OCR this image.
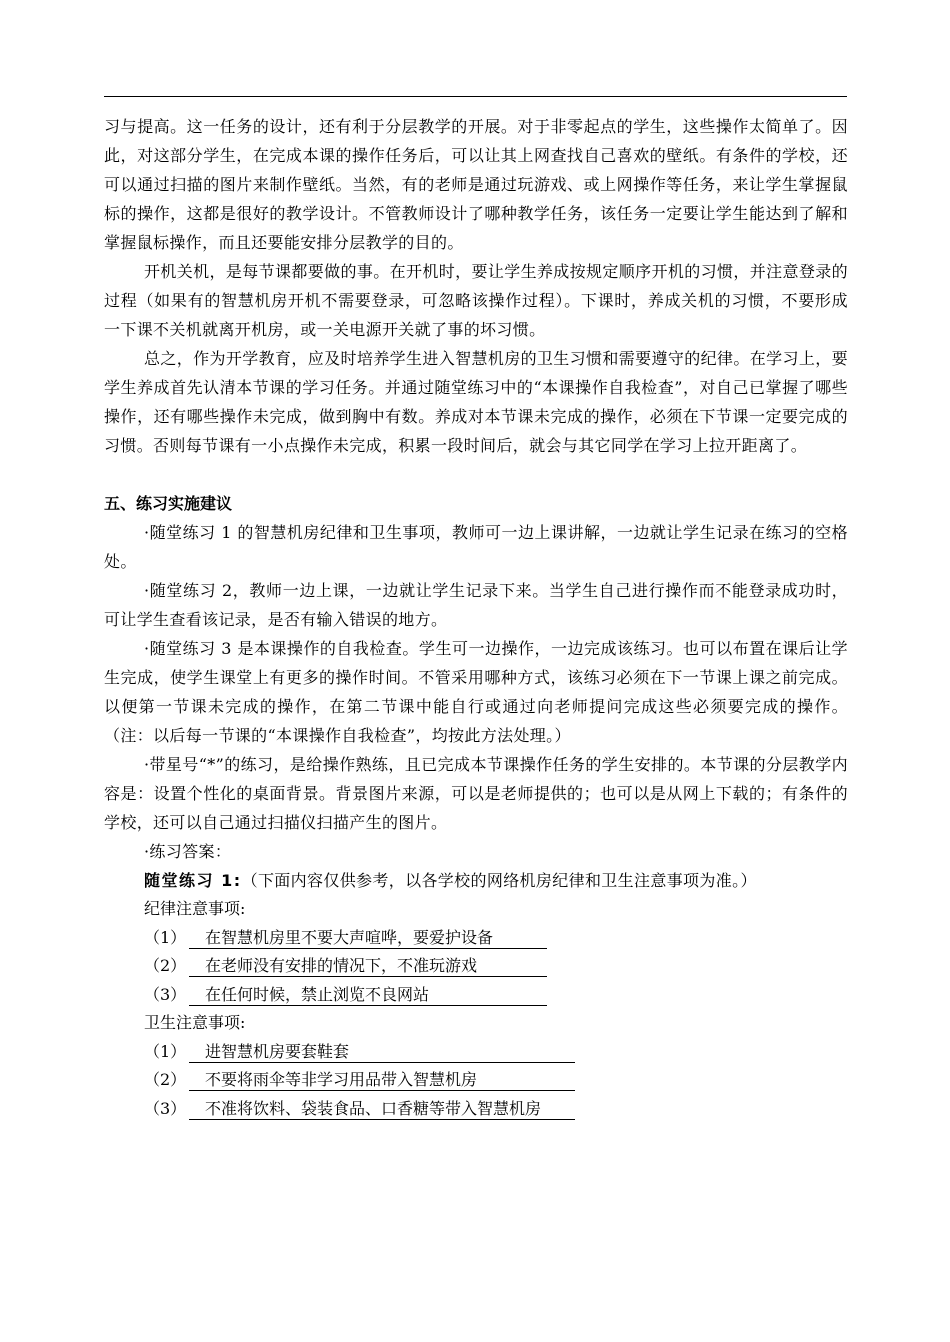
习与提高。这一任务的设计，还有利于分层教学的开展。对于非零起点的学生，这些操作太简单了。因此，对这部分学生，在完成本课的操作任务后，可以让其上网查找自己喜欢的壁纸。有条件的学校，还可以通过扫描的图片来制作壁纸。当然，有的老师是通过玩游戏、或上网操作等任务，来让学生掌握鼠标的操作，这都是很好的教学设计。不管教师设计了哪种教学任务，该任务一定要让学生能达到了解和掌握鼠标操作，而且还要能安排分层教学的目的。

开机关机，是每节课都要做的事。在开机时，要让学生养成按规定顺序开机的习惯，并注意登录的过程（如果有的智慧机房开机不需要登录，可忽略该操作过程）。下课时，养成关机的习惯，不要形成一下课不关机就离开机房，或一关电源开关就了事的坏习惯。

总之，作为开学教育，应及时培养学生进入智慧机房的卫生习惯和需要遵守的纪律。在学习上，要学生养成首先认清本节课的学习任务。并通过随堂练习中的“本课操作自我检查”，对自己已掌握了哪些操作，还有哪些操作未完成，做到胸中有数。养成对本节课未完成的操作，必须在下节课一定要完成的习惯。否则每节课有一小点操作未完成，积累一段时间后，就会与其它同学在学习上拉开距离了。

五、练习实施建议

·随堂练习 1 的智慧机房纪律和卫生事项，教师可一边上课讲解，一边就让学生记录在练习的空格处。

·随堂练习 2，教师一边上课，一边就让学生记录下来。当学生自己进行操作而不能登录成功时，可让学生查看该记录，是否有输入错误的地方。

·随堂练习 3 是本课操作的自我检查。学生可一边操作，一边完成该练习。也可以布置在课后让学生完成，使学生课堂上有更多的操作时间。不管采用哪种方式，该练习必须在下一节课上课之前完成。以便第一节课未完成的操作，在第二节课中能自行或通过向老师提问完成这些必须要完成的操作。（注：以后每一节课的“本课操作自我检查”，均按此方法处理。）

·带星号“*”的练习，是给操作熟练，且已完成本节课操作任务的学生安排的。本节课的分层教学内容是：设置个性化的桌面背景。背景图片来源，可以是老师提供的；也可以是从网上下载的；有条件的学校，还可以自己通过扫描仪扫描产生的图片。

·练习答案：

随堂练习 1:（下面内容仅供参考，以各学校的网络机房纪律和卫生注意事项为准。）

纪律注意事项:

（1） 在智慧机房里不要大声喧哗，要爱护设备

（2） 在老师没有安排的情况下，不准玩游戏

（3） 在任何时候，禁止浏览不良网站

卫生注意事项:

（1） 进智慧机房要套鞋套

（2） 不要将雨伞等非学习用品带入智慧机房

（3） 不准将饮料、袋装食品、口香糖等带入智慧机房
